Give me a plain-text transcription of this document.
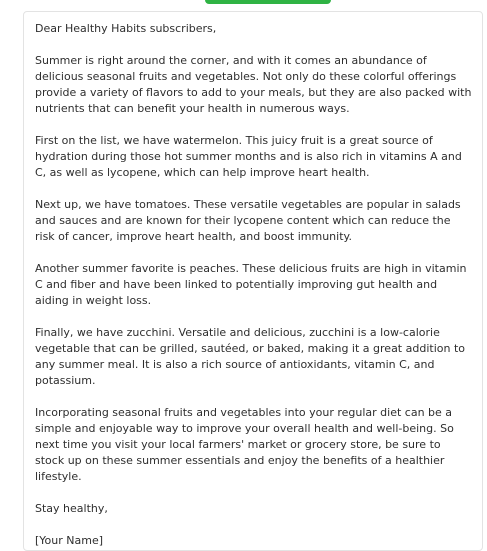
Dear Healthy Habits subscribers,

Summer is right around the corner, and with it comes an abundance of delicious seasonal fruits and vegetables. Not only do these colorful offerings provide a variety of flavors to add to your meals, but they are also packed with nutrients that can benefit your health in numerous ways.

First on the list, we have watermelon. This juicy fruit is a great source of hydration during those hot summer months and is also rich in vitamins A and C, as well as lycopene, which can help improve heart health.

Next up, we have tomatoes. These versatile vegetables are popular in salads and sauces and are known for their lycopene content which can reduce the risk of cancer, improve heart health, and boost immunity.

Another summer favorite is peaches. These delicious fruits are high in vitamin C and fiber and have been linked to potentially improving gut health and aiding in weight loss.

Finally, we have zucchini. Versatile and delicious, zucchini is a low-calorie vegetable that can be grilled, sautéed, or baked, making it a great addition to any summer meal. It is also a rich source of antioxidants, vitamin C, and potassium.

Incorporating seasonal fruits and vegetables into your regular diet can be a simple and enjoyable way to improve your overall health and well-being. So next time you visit your local farmers' market or grocery store, be sure to stock up on these summer essentials and enjoy the benefits of a healthier lifestyle.

Stay healthy,

[Your Name]
